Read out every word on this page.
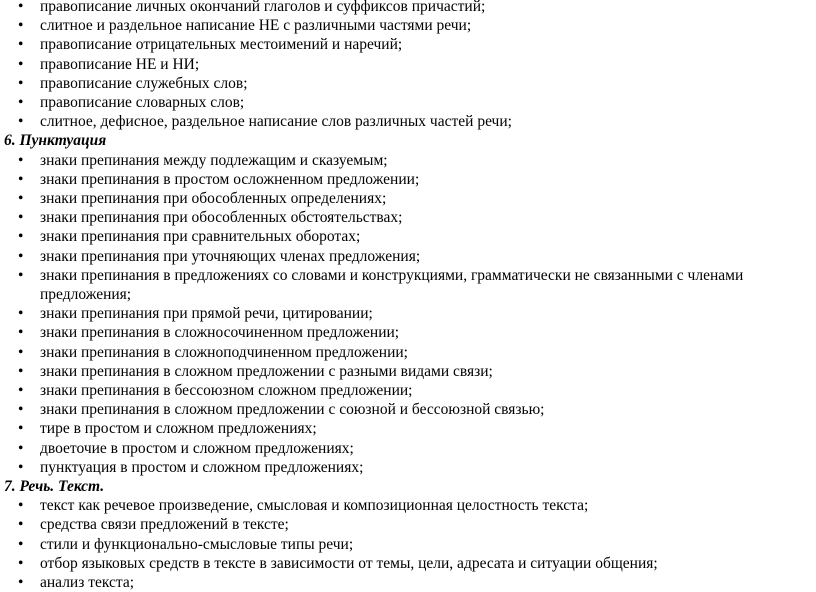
• правописание личных окончаний глаголов и суффиксов причастий;
• слитное и раздельное написание НЕ с различными частями речи;
• правописание отрицательных местоимений и наречий;
• правописание НЕ и НИ;
• правописание служебных слов;
• правописание словарных слов;
• слитное, дефисное, раздельное написание слов различных частей речи;
6. Пунктуация
• знаки препинания между подлежащим и сказуемым;
• знаки препинания в простом осложненном предложении;
• знаки препинания при обособленных определениях;
• знаки препинания при обособленных обстоятельствах;
• знаки препинания при сравнительных оборотах;
• знаки препинания при уточняющих членах предложения;
• знаки препинания в предложениях со словами и конструкциями, грамматически не связанными с членами предложения;
• знаки препинания при прямой речи, цитировании;
• знаки препинания в сложносочиненном предложении;
• знаки препинания в сложноподчиненном предложении;
• знаки препинания в сложном предложении с разными видами связи;
• знаки препинания в бессоюзном сложном предложении;
• знаки препинания в сложном предложении с союзной и бессоюзной связью;
• тире в простом и сложном предложениях;
• двоеточие в простом и сложном предложениях;
• пунктуация в простом и сложном предложениях;
7. Речь. Текст.
• текст как речевое произведение, смысловая и композиционная целостность текста;
• средства связи предложений в тексте;
• стили и функционально-смысловые типы речи;
• отбор языковых средств в тексте в зависимости от темы, цели, адресата и ситуации общения;
• анализ текста;
